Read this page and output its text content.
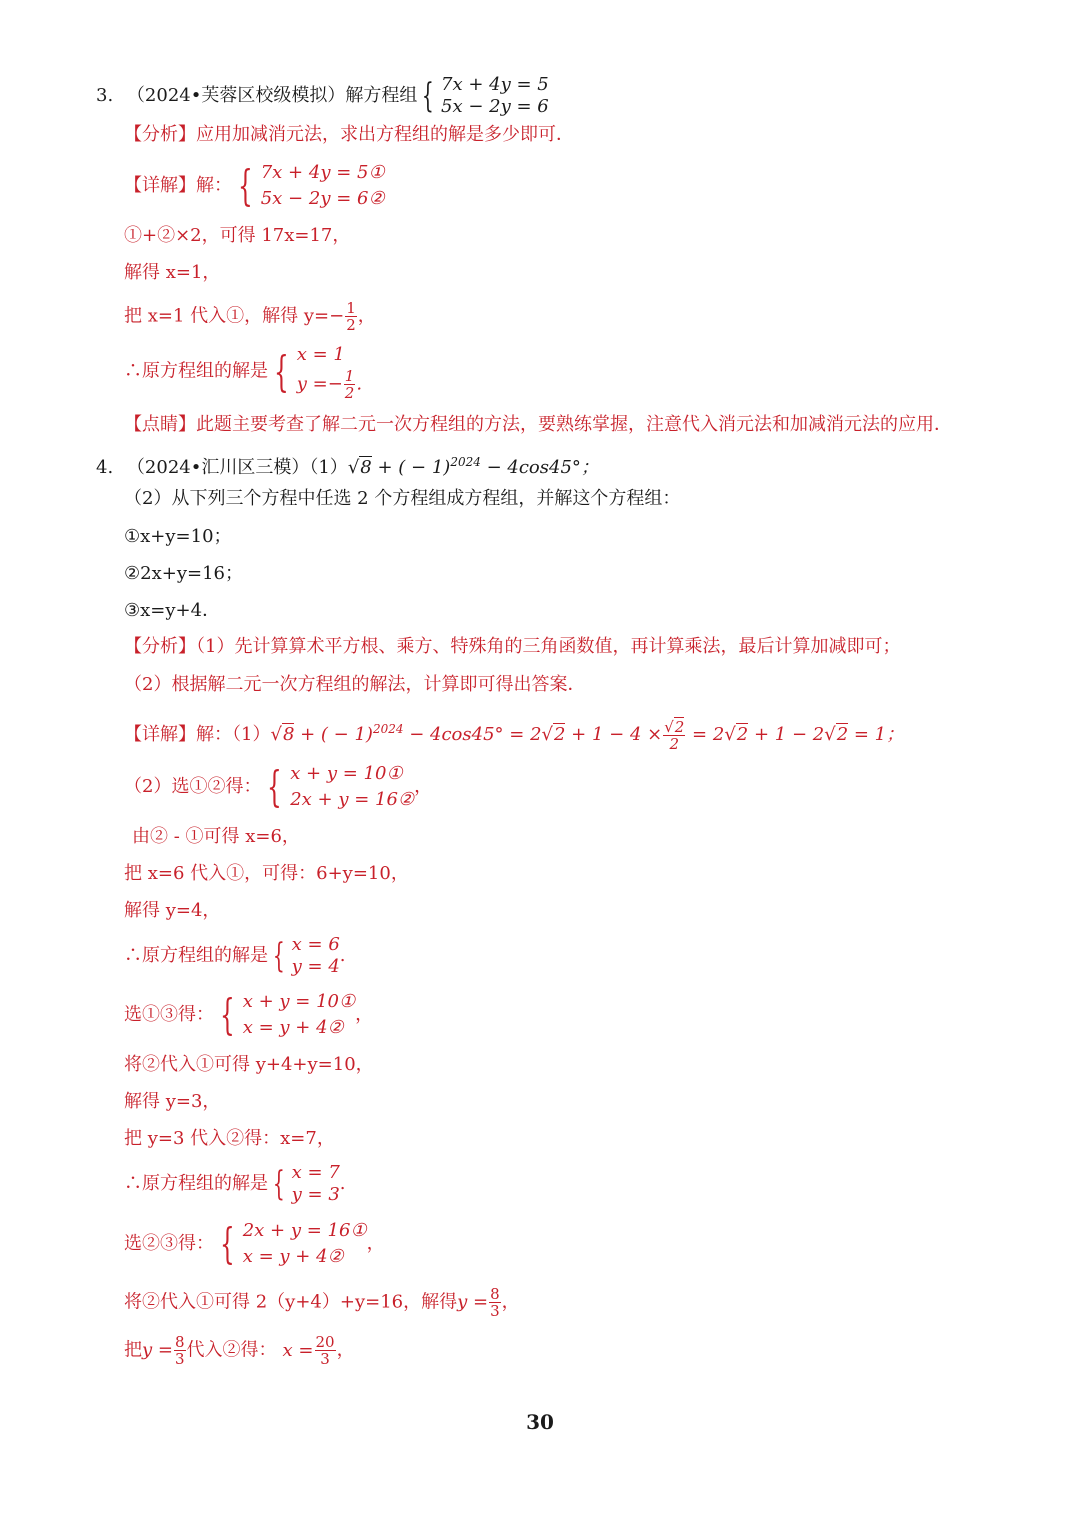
3. （2024•芙蓉区校级模拟）解方程组 { 7x + 4y = 5
5x − 2y = 6
【分析】应用加减消元法，求出方程组的解是多少即可．
【详解】解： { 7x + 4y = 5①
5x − 2y = 6②
①+②×2，可得 17x=17，
解得 x=1，
把 x=1 代入①，解得 $y=- \frac{1}{2}$ ，
∴原方程组的解是 { x = 1
$y =- \frac{1}{2}$ .
【点睛】此题主要考查了解二元一次方程组的方法，要熟练掌握，注意代入消元法和加减消元法的应用．
4. （2024•汇川区三模）（1）√8 + ( − 1)$^{2024}$ − 4cos45°；
（2）从下列三个方程中任选 2 个方程组成方程组，并解这个方程组：
①x+y=10；
②2x+y=16；
③x=y+4．
【分析】（1）先计算算术平方根、乘方、特殊角的三角函数值，再计算乘法，最后计算加减即可；
（2）根据解二元一次方程组的解法，计算即可得出答案．
【详解】解：（1）√8 + ( − $1)^{2024} - 4\cos 45^\circ = 2√2 + 1 - 4 \times \frac{√2}{2} = 2√2 + 1 - 2√2 = 1$；
（2）选①②得： { x + y = 10①
2x + y = 16②
，
由② - ①可得 x=6，
把 x=6 代入①，可得：6+y=10，
解得 y=4，
∴原方程组的解是 { x = 6
y = 4
.
选①③得： { x + y = 10①
x = y + 4②
，
将②代入①可得 y+4+y=10，
解得 y=3，
把 y=3 代入②得：x=7，
∴原方程组的解是 { x = 7
y = 3
.
选②③得： { 2x + y = 16①
x = y + 4②
，
将②代入①可得 2（y+4）+y=16，解得$y = \frac{8}{3}$ ，
把$y = \frac{8}{3}$ 代入②得： $x = \frac{20}{3}$ ，
30
